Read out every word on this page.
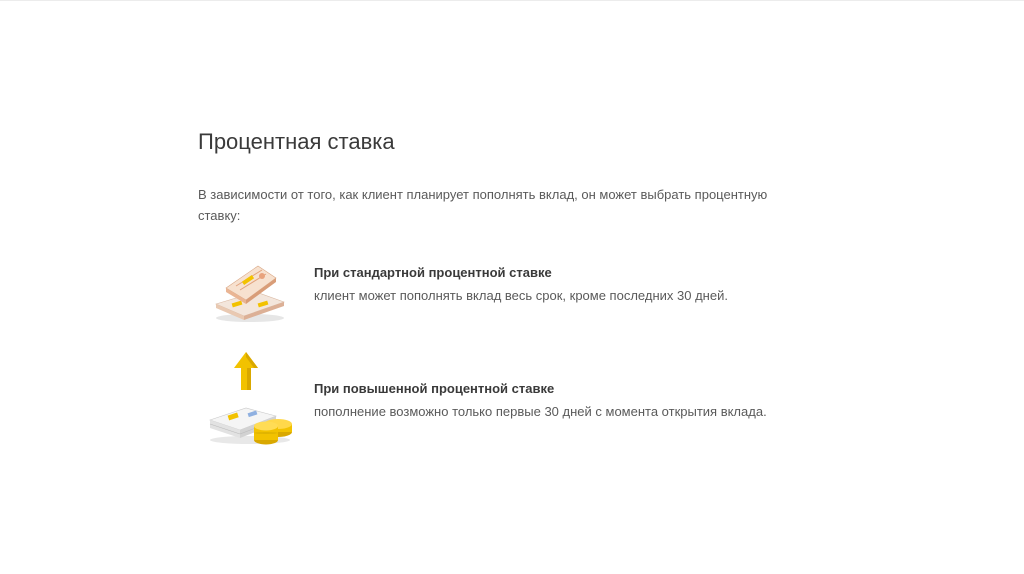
Процентная ставка

В зависимости от того, как клиент планирует пополнять вклад, он может выбрать процентную ставку:

При стандартной процентной ставке
клиент может пополнять вклад весь срок, кроме последних 30 дней.
При повышенной процентной ставке
пополнение возможно только первые 30 дней с момента открытия вклада.
